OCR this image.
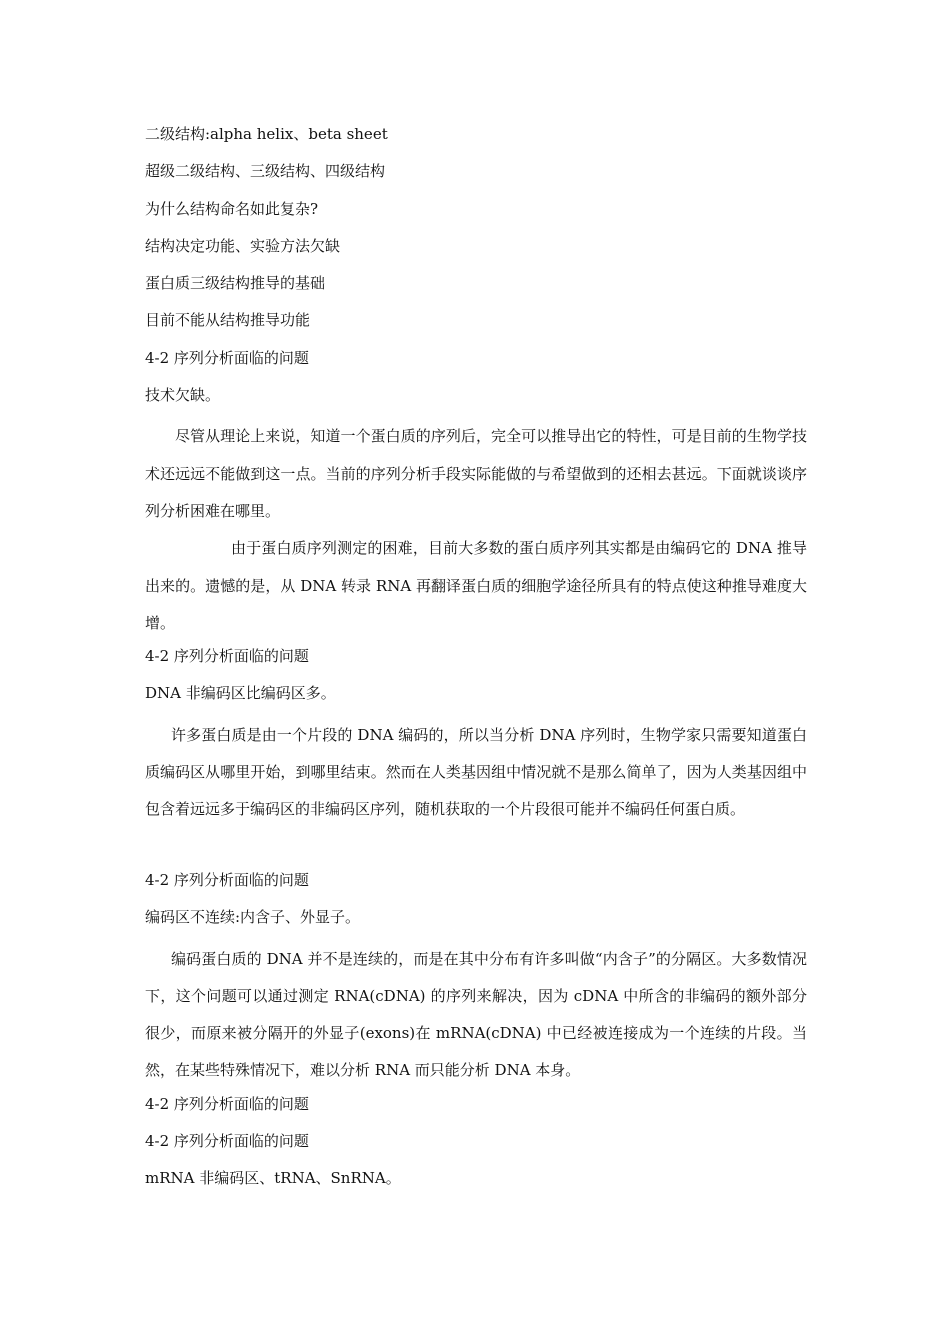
二级结构:alpha helix、beta sheet
超级二级结构、三级结构、四级结构
为什么结构命名如此复杂?
结构决定功能、实验方法欠缺
蛋白质三级结构推导的基础
目前不能从结构推导功能
4-2 序列分析面临的问题
技术欠缺。

尽管从理论上来说，知道一个蛋白质的序列后，完全可以推导出它的特性，可是目前的生物学技术还远远不能做到这一点。当前的序列分析手段实际能做的与希望做到的还相去甚远。下面就谈谈序列分析困难在哪里。

由于蛋白质序列测定的困难，目前大多数的蛋白质序列其实都是由编码它的 DNA 推导出来的。遗憾的是，从 DNA 转录 RNA 再翻译蛋白质的细胞学途径所具有的特点使这种推导难度大增。

4-2 序列分析面临的问题
DNA 非编码区比编码区多。

许多蛋白质是由一个片段的 DNA 编码的，所以当分析 DNA 序列时，生物学家只需要知道蛋白质编码区从哪里开始，到哪里结束。然而在人类基因组中情况就不是那么简单了，因为人类基因组中包含着远远多于编码区的非编码区序列，随机获取的一个片段很可能并不编码任何蛋白质。

4-2 序列分析面临的问题
编码区不连续:内含子、外显子。

编码蛋白质的 DNA 并不是连续的，而是在其中分布有许多叫做“内含子”的分隔区。大多数情况下，这个问题可以通过测定 RNA(cDNA) 的序列来解决，因为 cDNA 中所含的非编码的额外部分很少，而原来被分隔开的外显子(exons)在 mRNA(cDNA) 中已经被连接成为一个连续的片段。当然，在某些特殊情况下，难以分析 RNA 而只能分析 DNA 本身。

4-2 序列分析面临的问题
4-2 序列分析面临的问题
mRNA 非编码区、tRNA、SnRNA。
